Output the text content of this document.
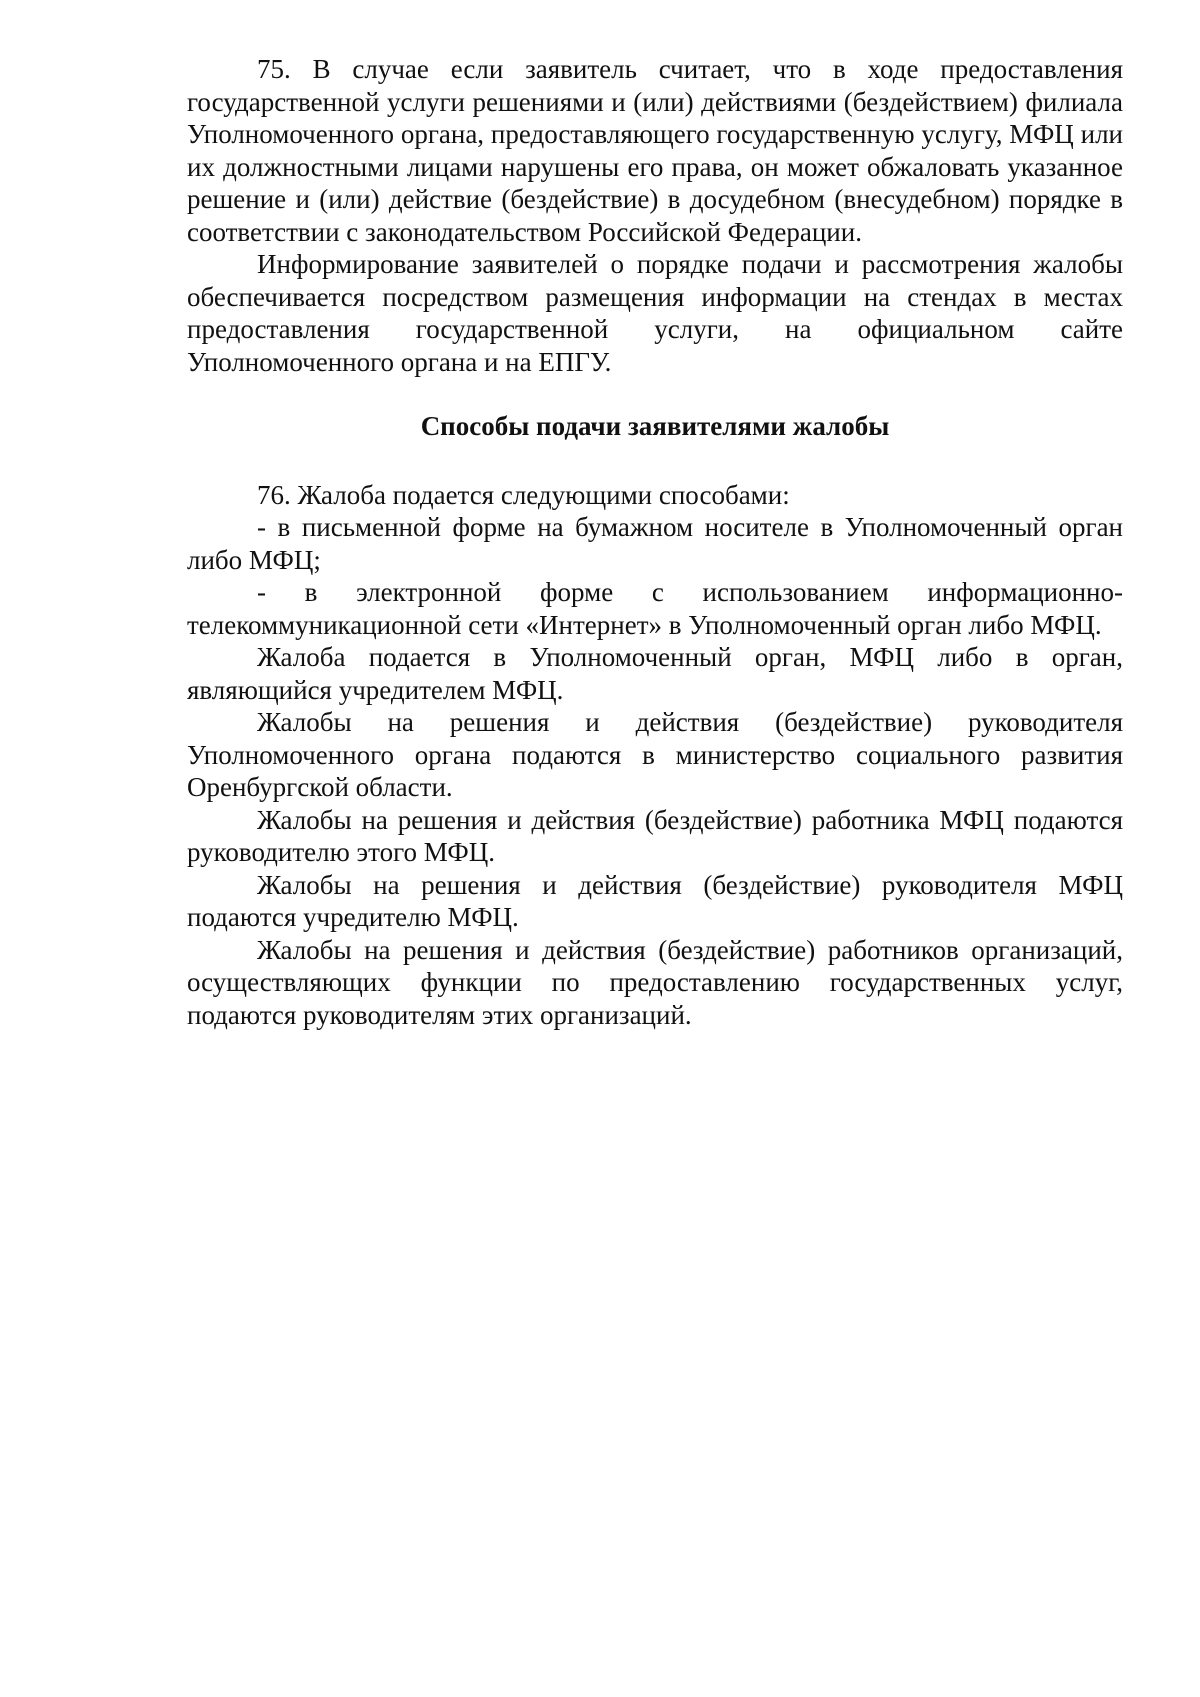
75. В случае если заявитель считает, что в ходе предоставления государственной услуги решениями и (или) действиями (бездействием) филиала Уполномоченного органа, предоставляющего государственную услугу, МФЦ или их должностными лицами нарушены его права, он может обжаловать указанное решение и (или) действие (бездействие) в досудебном (внесудебном) порядке в соответствии с законодательством Российской Федерации.

Информирование заявителей о порядке подачи и рассмотрения жалобы обеспечивается посредством размещения информации на стендах в местах предоставления государственной услуги, на официальном сайте Уполномоченного органа и на ЕПГУ.

Способы подачи заявителями жалобы

76. Жалоба подается следующими способами:

- в письменной форме на бумажном носителе в Уполномоченный орган либо МФЦ;

- в электронной форме с использованием информационно-телекоммуникационной сети «Интернет» в Уполномоченный орган либо МФЦ.

Жалоба подается в Уполномоченный орган, МФЦ либо в орган, являющийся учредителем МФЦ.

Жалобы на решения и действия (бездействие) руководителя Уполномоченного органа подаются в министерство социального развития Оренбургской области.

Жалобы на решения и действия (бездействие) работника МФЦ подаются руководителю этого МФЦ.

Жалобы на решения и действия (бездействие) руководителя МФЦ подаются учредителю МФЦ.

Жалобы на решения и действия (бездействие) работников организаций, осуществляющих функции по предоставлению государственных услуг, подаются руководителям этих организаций.
